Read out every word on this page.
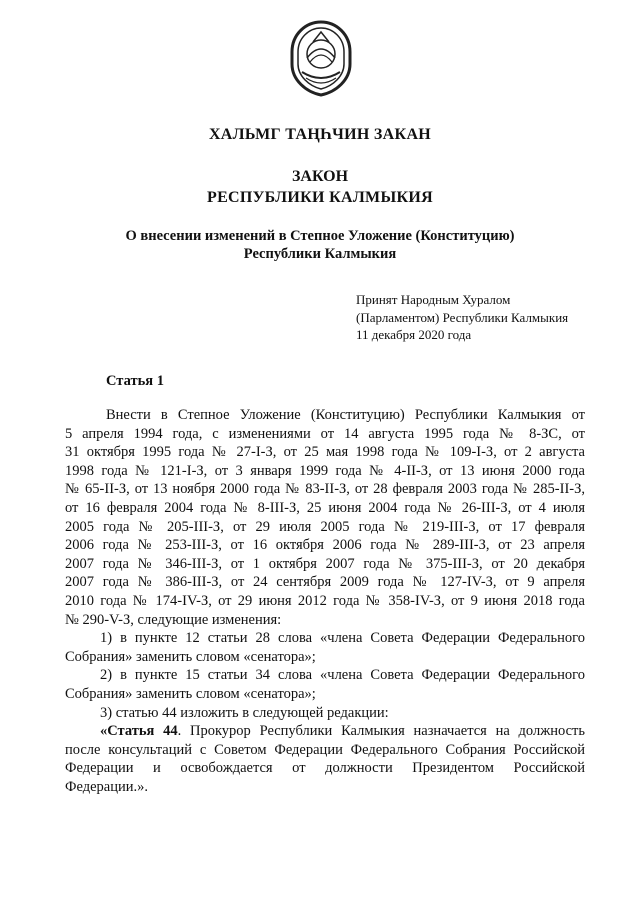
ХАЛЬМГ ТАҢҺЧИН ЗАКАН
ЗАКОН
РЕСПУБЛИКИ КАЛМЫКИЯ
О внесении изменений в Степное Уложение (Конституцию)
Республики Калмыкия
Принят Народным Хуралом
(Парламентом) Республики Калмыкия
11 декабря 2020 года
Статья 1

Внести в Степное Уложение (Конституцию) Республики Калмыкия от

5 апреля 1994 года, с изменениями от 14 августа 1995 года № 8-ЗС, от

31 октября 1995 года № 27-I-З, от 25 мая 1998 года № 109-I-З, от 2 августа

1998 года № 121-I-З, от 3 января 1999 года № 4-II-З, от 13 июня 2000 года

№ 65-II-З, от 13 ноября 2000 года № 83-II-З, от 28 февраля 2003 года № 285-II-З,

от 16 февраля 2004 года № 8-III-З, 25 июня 2004 года № 26-III-З, от 4 июля

2005 года № 205-III-З, от 29 июля 2005 года № 219-III-З, от 17 февраля

2006 года № 253-III-З, от 16 октября 2006 года № 289-III-З, от 23 апреля

2007 года № 346-III-З, от 1 октября 2007 года № 375-III-З, от 20 декабря

2007 года № 386-III-З, от 24 сентября 2009 года № 127-IV-З, от 9 апреля

2010 года № 174-IV-З, от 29 июня 2012 года № 358-IV-З, от 9 июня 2018 года

№ 290-V-З, следующие изменения:

1) в пункте 12 статьи 28 слова «члена Совета Федерации Федерального

Собрания» заменить словом «сенатора»;

2) в пункте 15 статьи 34 слова «члена Совета Федерации Федерального

Собрания» заменить словом «сенатора»;

3) статью 44 изложить в следующей редакции:

«Статья 44. Прокурор Республики Калмыкия назначается на должность

после консультаций с Советом Федерации Федерального Собрания Российской

Федерации и освобождается от должности Президентом Российской

Федерации.».
